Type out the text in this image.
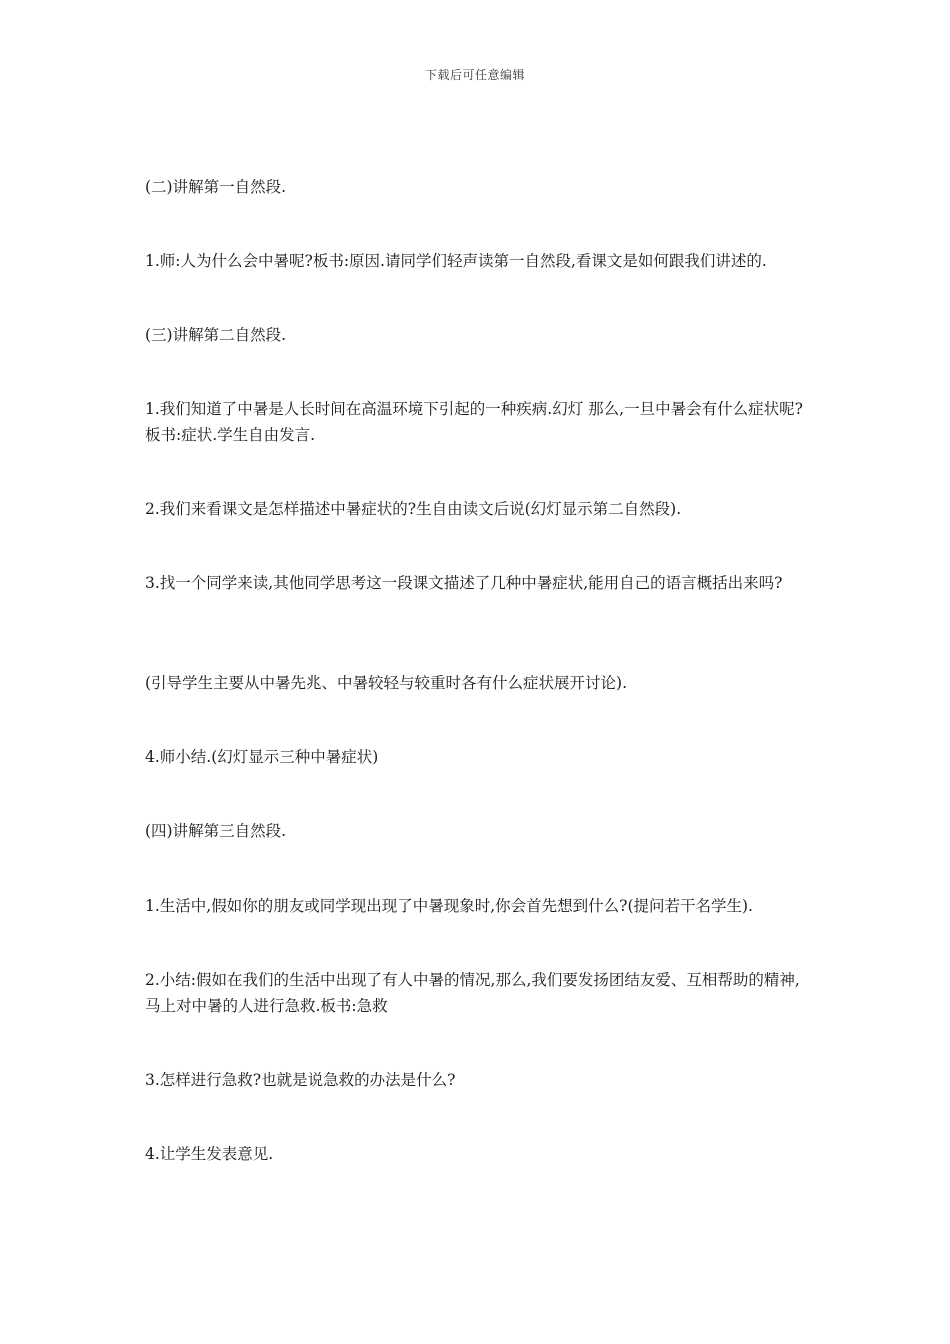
下载后可任意编辑

(二)讲解第一自然段.

1.师:人为什么会中暑呢?板书:原因.请同学们轻声读第一自然段,看课文是如何跟我们讲述的.

(三)讲解第二自然段.

1.我们知道了中暑是人长时间在高温环境下引起的一种疾病.幻灯 那么,一旦中暑会有什么症状呢?板书:症状.学生自由发言.

2.我们来看课文是怎样描述中暑症状的?生自由读文后说(幻灯显示第二自然段).

3.找一个同学来读,其他同学思考这一段课文描述了几种中暑症状,能用自己的语言概括出来吗?

(引导学生主要从中暑先兆、中暑较轻与较重时各有什么症状展开讨论).

4.师小结.(幻灯显示三种中暑症状)

(四)讲解第三自然段.

1.生活中,假如你的朋友或同学现出现了中暑现象时,你会首先想到什么?(提问若干名学生).

2.小结:假如在我们的生活中出现了有人中暑的情况,那么,我们要发扬团结友爱、互相帮助的精神,马上对中暑的人进行急救.板书:急救

3.怎样进行急救?也就是说急救的办法是什么?

4.让学生发表意见.
